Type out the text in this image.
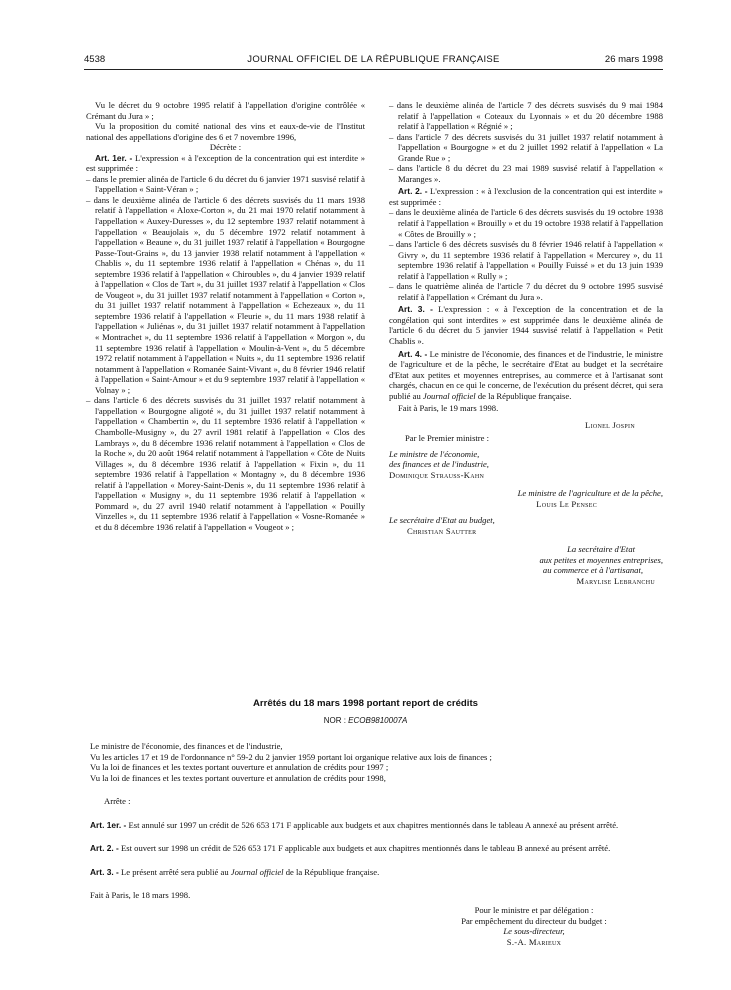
4538	JOURNAL OFFICIEL DE LA RÉPUBLIQUE FRANÇAISE	26 mars 1998

Vu le décret du 9 octobre 1995 relatif à l'appellation d'origine contrôlée « Crémant du Jura » ;

Vu la proposition du comité national des vins et eaux-de-vie de l'Institut national des appellations d'origine des 6 et 7 novembre 1996,

Décrète :

Art. 1er. - L'expression « à l'exception de la concentration qui est interdite » est supprimée :

– dans le premier alinéa de l'article 6 du décret du 6 janvier 1971 susvisé relatif à l'appellation « Saint-Véran » ;

– dans le deuxième alinéa de l'article 6 des décrets susvisés du 11 mars 1938 relatif à l'appellation « Aloxe-Corton », du 21 mai 1970 relatif notamment à l'appellation « Auxey-Duresses », du 12 septembre 1937 relatif notamment à l'appellation « Beaujolais », du 5 décembre 1972 relatif notamment à l'appellation « Beaune », du 31 juillet 1937 relatif à l'appellation « Bourgogne Passe-Tout-Grains », du 13 janvier 1938 relatif notamment à l'appellation « Chablis », du 11 septembre 1936 relatif à l'appellation « Chénas », du 11 septembre 1936 relatif à l'appellation « Chiroubles », du 4 janvier 1939 relatif à l'appellation « Clos de Tart », du 31 juillet 1937 relatif à l'appellation « Clos de Vougeot », du 31 juillet 1937 relatif notamment à l'appellation « Corton », du 31 juillet 1937 relatif notamment à l'appellation « Echezeaux », du 11 septembre 1936 relatif à l'appellation « Fleurie », du 11 mars 1938 relatif à l'appellation « Juliénas », du 31 juillet 1937 relatif notamment à l'appellation « Montrachet », du 11 septembre 1936 relatif à l'appellation « Morgon », du 11 septembre 1936 relatif à l'appellation « Moulin-à-Vent », du 5 décembre 1972 relatif notamment à l'appellation « Nuits », du 11 septembre 1936 relatif notamment à l'appellation « Romanée Saint-Vivant », du 8 février 1946 relatif à l'appellation « Saint-Amour » et du 9 septembre 1937 relatif à l'appellation « Volnay » ;

– dans l'article 6 des décrets susvisés du 31 juillet 1937 relatif notamment à l'appellation « Bourgogne aligoté », du 31 juillet 1937 relatif notamment à l'appellation « Chambertin », du 11 septembre 1936 relatif à l'appellation « Chambolle-Musigny », du 27 avril 1981 relatif à l'appellation « Clos des Lambrays », du 8 décembre 1936 relatif notamment à l'appellation « Clos de la Roche », du 20 août 1964 relatif notamment à l'appellation « Côte de Nuits Villages », du 8 décembre 1936 relatif à l'appellation « Fixin », du 11 septembre 1936 relatif à l'appellation « Montagny », du 8 décembre 1936 relatif à l'appellation « Morey-Saint-Denis », du 11 septembre 1936 relatif à l'appellation « Musigny », du 11 septembre 1936 relatif à l'appellation « Pommard », du 27 avril 1940 relatif notamment à l'appellation « Pouilly Vinzelles », du 11 septembre 1936 relatif à l'appellation « Vosne-Romanée » et du 8 décembre 1936 relatif à l'appellation « Vougeot » ;

– dans le deuxième alinéa de l'article 7 des décrets susvisés du 9 mai 1984 relatif à l'appellation « Coteaux du Lyonnais » et du 20 décembre 1988 relatif à l'appellation « Régnié » ;

– dans l'article 7 des décrets susvisés du 31 juillet 1937 relatif notamment à l'appellation « Bourgogne » et du 2 juillet 1992 relatif à l'appellation « La Grande Rue » ;

– dans l'article 8 du décret du 23 mai 1989 susvisé relatif à l'appellation « Maranges ».

Art. 2. - L'expression : « à l'exclusion de la concentration qui est interdite » est supprimée :

– dans le deuxième alinéa de l'article 6 des décrets susvisés du 19 octobre 1938 relatif à l'appellation « Brouilly » et du 19 octobre 1938 relatif à l'appellation « Côtes de Brouilly » ;

– dans l'article 6 des décrets susvisés du 8 février 1946 relatif à l'appellation « Givry », du 11 septembre 1936 relatif à l'appellation « Mercurey », du 11 septembre 1936 relatif à l'appellation « Pouilly Fuissé » et du 13 juin 1939 relatif à l'appellation « Rully » ;

– dans le quatrième alinéa de l'article 7 du décret du 9 octobre 1995 susvisé relatif à l'appellation « Crémant du Jura ».

Art. 3. - L'expression : « à l'exception de la concentration et de la congélation qui sont interdites » est supprimée dans le deuxième alinéa de l'article 6 du décret du 5 janvier 1944 susvisé relatif à l'appellation « Petit Chablis ».

Art. 4. - Le ministre de l'économie, des finances et de l'industrie, le ministre de l'agriculture et de la pêche, le secrétaire d'Etat au budget et la secrétaire d'Etat aux petites et moyennes entreprises, au commerce et à l'artisanat sont chargés, chacun en ce qui le concerne, de l'exécution du présent décret, qui sera publié au Journal officiel de la République française.

Fait à Paris, le 19 mars 1998.

Lionel Jospin
Par le Premier ministre :
Le ministre de l'économie,
des finances et de l'industrie,
Dominique Strauss-Kahn
Le ministre de l'agriculture et de la pêche,
Louis Le Pensec
Le secrétaire d'Etat au budget,
Christian Sautter
La secrétaire d'Etat
aux petites et moyennes entreprises,
au commerce et à l'artisanat,
Marylise Lebranchu
Arrêtés du 18 mars 1998 portant report de crédits
NOR : ECOB9810007A

Le ministre de l'économie, des finances et de l'industrie,

Vu les articles 17 et 19 de l'ordonnance n° 59-2 du 2 janvier 1959 portant loi organique relative aux lois de finances ;

Vu la loi de finances et les textes portant ouverture et annulation de crédits pour 1997 ;

Vu la loi de finances et les textes portant ouverture et annulation de crédits pour 1998,

Arrête :

Art. 1er. - Est annulé sur 1997 un crédit de 526 653 171 F applicable aux budgets et aux chapitres mentionnés dans le tableau A annexé au présent arrêté.

Art. 2. - Est ouvert sur 1998 un crédit de 526 653 171 F applicable aux budgets et aux chapitres mentionnés dans le tableau B annexé au présent arrêté.

Art. 3. - Le présent arrêté sera publié au Journal officiel de la République française.

Fait à Paris, le 18 mars 1998.

Pour le ministre et par délégation :
Par empêchement du directeur du budget :
Le sous-directeur,
S.-A. Marieux
